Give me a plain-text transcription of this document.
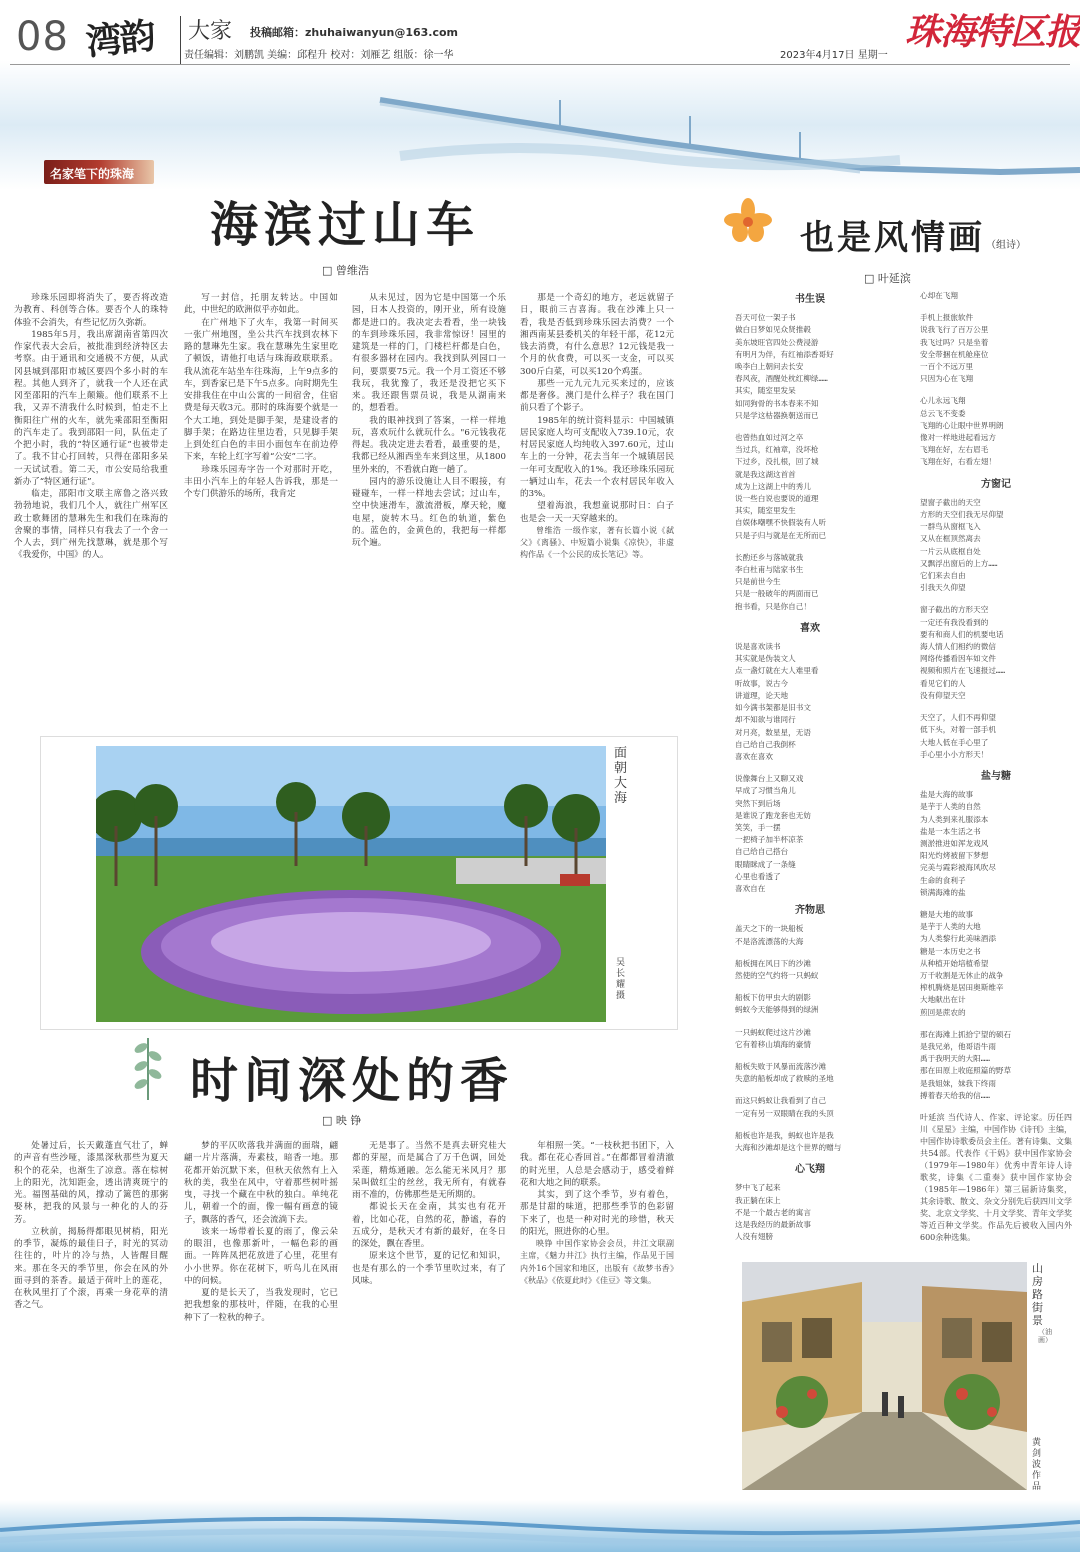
08 湾韵	大家 投稿邮箱：zhuhaiwanyun@163.com
责任编辑：刘鹏凯 美编：邱程升 校对：刘雁艺 组版：徐一华	2023年4月17日 星期一
珠海特区报
名家笔下的珠海
海滨过山车
□ 曾维浩

珍珠乐园即将消失了，要否将改造为教育、科创等合体。要否个人的珠特体验不会消失，有些记忆历久弥新。

1985年5月，我出席湖南省第四次作家代表大会后，被批准到经济特区去考察。由于通讯和交通极不方便，从武冈县城到邵阳市城区要四个多小时的车程。其他人到齐了，就我一个人还在武冈至邵阳的汽车上颠簸。他们联系不上我，又弄不清我什么时候到，怕走不上衡阳往广州的火车，就先乘邵阳至衡阳的汽车走了。我到邵阳一问，队伍走了个把小时，我的“特区通行证”也被带走了。我不甘心打回转，只得在邵阳多呆一天试试看。第二天，市公安局给我重新办了“特区通行证”。

临走，邵阳市文联主席鲁之洛兴致勃勃地说，我们几个人，就往广州军区政士歌舞团的慧琳先生和我们在珠海的舍聚的事情，同样只有我去了一个舍一个人去，到广州先找慧琳，就是那个写《我爱你，中国》的人。

写一封信，托朋友转达。中国如此，中世纪的欧洲似乎亦如此。

在广州地下了火车，我第一时间买一张广州地图，坐公共汽车找到农林下路的慧琳先生家。我在慧琳先生家里吃了顿饭，请他打电话与珠海政联联系。我从流花车站坐车往珠海，上午9点多的车，到香家已是下午5点多。向时期先生安排我住在中山公寓的一间宿舍，住宿费是每天收3元。那时的珠海要个就是一个大工地，到处是脚手架，是建设者的脚手架；在路边往里边看，只见脚手架上到处红白色的丰田小面包车在前边停下来，车轮上红字写着“公安”二字。

珍珠乐园寿字告一个对那时开吃，丰田小汽车上的年轻人告诉我，那是一个专门供游乐的场所，我肯定

从未见过，因为它是中国第一个乐园，日本人投资的，刚开业，所有设施都是进口的。我决定去看看，坐一块钱的车到珍珠乐园，我非常惊讶！园里的建筑是一样的门，门楼栏杆都是白色，有很多器材在园内。我找到队列园口一问，要票要75元。我一个月工资还不够我玩，我犹豫了，我还是没把它买下来。我还跟售票员说，我是从湖南来的，想看看。

我的眼神找到了答案，一样一样地玩，喜欢玩什么就玩什么。"6元钱我花得起。我决定进去看看，最重要的是，我都已经从湘西坐车来到这里，从1800里外来的，不看就白跑一趟了。

园内的游乐设施让人目不暇接，有碰碰车，一样一样地去尝试；过山车，空中快速滑车，激流滑板，摩天轮，魔电屋，旋转木马。红色的轨道，紫色的。蓝色的，金黄色的，我把每一样都玩个遍。

那是一个奇幻的地方，老远就留子日，眼前三吉喜海。我在沙滩上只一看，我是否低到珍珠乐园去消费？一个湘西南某县委机关的年轻干部，花12元钱去消费，有什么意思？12元钱是我一个月的伙食费，可以买一支金，可以买300斤白菜，可以买120个鸡蛋。

那些一元九元九元买来过的，应该都是奢侈。澳门是什么样子？我在国门前只看了个影子。

1985年的统计资料显示：中国城镇居民家庭人均可支配收入739.10元，农村居民家庭人均纯收入397.60元，过山车上的一分钟，花去当年一个城镇居民一年可支配收入的1%。我还珍珠乐园玩一辆过山车，花去一个农村居民年收入的3%。

望着海浪，我想童说那时日：白子也是会一天一天穿越来的。

曾维浩 一级作家，著有长篇小说《弑父》《离骚》、中短篇小说集《凉快》，非虚构作品《一个公民的成长笔记》等。

面朝大海
吴长耀 摄
也是风情画 （组诗）
□ 叶延滨
书生误
吾天可位一架子书
做白日梦如见众贤推毂
美东坡旺官四处公费浸游
有明月为伴，有红袖添香哥好
唤李白上朝问去长安
春风夜，酒醒处枕红柳绿……
其实，随室里发呆
如同狗骨的书本春来不知
只是学这枯器换朝送而已
也曾热血如过河之卒
当过兵，红袖章，没坏枪
下过乡，没扎根，回了城
就是我这湖这首首
成为上这湖上中的秀儿
说一些白说也要说的道理
其实，随室里发生
自娱体嘲嘿不快假装有人听
只是子归与就是在无所而已
长酌还乡与落城就我
李白杜甫与陆家书生
只是前世今生
只是一般破年的两面而已
抱书看，只是你自己！
喜欢
说是喜欢读书
其实就是伪装文人
点一盏灯就在大人难里看
听故事，说古今
讲道理，论天地
如今满书架都是旧书文
却不知欲与谁同行
对月亮，数星星，无语
自己给自己我倒杯
喜欢在喜欢
说像舞台上又聊又戏
早成了习惯当角儿
突然下到后场
是谁说了跑龙套也无妨
笑笑，手一摆
一把椅子加半杯凉茶
自己给自己搭台
眼睛眯成了一条缝
心里也看透了
喜欢自在
齐物思
盖天之下的一块船板
不是洛流漂荡的大海
船板拥在风日下的沙滩
然使的空气约将一只蚂蚁
船板下仿甲虫大的剧影
蚂蚁今天能够得到的绿洲
一只蚂蚁爬过这片沙滩
它有着移山填海的豪情
船板失败于风暴而流落沙滩
失意的船板却成了救赎的圣地
而这只蚂蚁让我看到了自己
一定有另一双眼睛在我的头顶
船板也许是我，蚂蚁也许是我
大海和沙滩却是这个世界的赠与
心飞翔
梦中飞了起来
我正躺在床上
不是一个最古老的寓言
这是我经历的最新故事
人没有翅膀
心却在飞翔
手机上报旅软件
说我飞行了百万公里
我飞过吗？只是坐着
安全带捆在机舱座位
一百个不远万里
只因为心在飞翔
心儿永远飞翔
总云飞不变委
飞翔的心让眼中世界明朗
像对一样地进起看远方
飞翔在好，左右眉毛
飞翔在好，右看左翅！
方窗记
望窗子截出的天空
方形的天空们我无尽仰望
一群鸟从窗框飞入
又从在框顶然离去
一片云从底框自处
又飘浮出窗后的上方……
它们来去自由
引我天久仰望
窗子截出的方形天空
一定还有我没看到的
要有和商人们的机要电话
海人情人们相约的微信
网络传播看因车如文件
视频和照片在飞速报过……
看见它们的人
没有仰望天空
天空了，人们不再仰望
低下头，对着一部手机
大地人低在手心里了
手心里小小方形天！
盐与糖
盐是大海的故事
是芋于人类的自然
为人类到来礼服添本
盐是一本生活之书
测淤推进如浑龙戏风
阳光灼烤被留下梦想
完美与霞彩被海风吹尽
生命的食利子
锁满海滩的盐
糖是大地的故事
是芋于人类的大地
为人类黎行此美味酒添
糖是一本历史之书
从种植开始培植希望
万千收割是无休止的战争
榨机腾烧是居田奥斯维辛
大地献出在计
煎回是蔗农的
那在海滩上抓拾宁望的硕石
是我兄弟，他哥语牛雨
禹于我明天的大阳……
那在田原上收庭照篇的野草
是我姐妹，妹我下终雨
搏着春天给我的信……
叶延滨 当代诗人、作家、评论家。历任四川《星星》主编，中国作协《诗刊》主编，中国作协诗歌委员会主任。著有诗集、文集共54部。代表作《干妈》获中国作家协会（1979年—1980年）优秀中青年诗人诗歌奖，诗集《二重奏》获中国作家协会（1985年—1986年）第三届新诗集奖，其余诗歌、散文、杂文分别先后获四川文学奖、北京文学奖、十月文学奖、青年文学奖等近百种文学奖。作品先后被收入国内外600余种选集。
时间深处的香
□ 映 铮

处暑过后，长天戴蓬直气壮了，蝉的声音有些沙哑，漆黑深秋那些为夏天积个的花朵，也渐生了凉意。落在棕树上的阳光，沈知距金，透出清爽斑宁的光。福图基础的风，撑动了篱笆的那粥娶林，把我的风景与一种化的人的芬芳。

立秋前，揭肠得都眼见树梢，阳光的季节，凝炼的最佳日子，时光的冥动往往的，叶片的冷与热，人皆醒目醒来。那在冬天的季节里，你会在风的外面寻到的茶香。最适于荷叶上的莲花，在秋风里打了个滚，再乘一身花草的清香之气。

梦的平仄吹落我并满面的面瑞，翩翩一片片落满，寿素枝，暗香一地。那花都开始沉默下来，但秋天依然有上入秋的美，我坐在风中，守着那些树叶摇曳，寻找一个藏在中秋的独白。单纯花儿，朝着一个的面，像一幅有画意的镜子，飘落的香气，还会流淌下去。

该来一场带着长夏的雨了，像云朵的眼泪，也像那新叶，一幅色彩的画面。一阵阵凤把花放进了心里，花里有小小世界。你在花树下，听鸟儿在风雨中的问候。

夏的是长天了，当我发现时，它已把我想象的那枝叶，伴随，在我的心里种下了一粒秋的种子。

无是事了。当然不是真去研究桂大都的芽屋，而是属合了万千色调，回处采莲，精炼通融。怎么能无米风月？那呆叫做红尘的丝丝，我无所有，有就春雨不准的，仿佛那些是无所期的。

都说长天在金南，其实也有花开着，比如心花，自然的花，静谧，春的五成分，是秋天才有新的最好，在冬日的深处，飘在香里。

原来这个世节，夏的记忆和知识，也是有那么的一个季节里吹过来，有了风味。

年相照一笑。“一枝秋把书团下，入我。都在花心香回首。”在都都冒着清澈的时光里，人总是会感动于，感受着鲜花和大地之间的联系。

其实，到了这个季节，岁有着色，那是甘甜的味道，把那些季节的色彩留下来了，也是一种对时光的珍惜，秋天的阳光，照进你的心里。

映铮 中国作家协会会员，井江文联副主席，《魅力井江》执行主编，作品见于国内外16个国家和地区，出版有《故梦书香》《秋品》《依夏此时》《佳豆》等文集。

山房路街景
（油画）
黄剑波 作品
